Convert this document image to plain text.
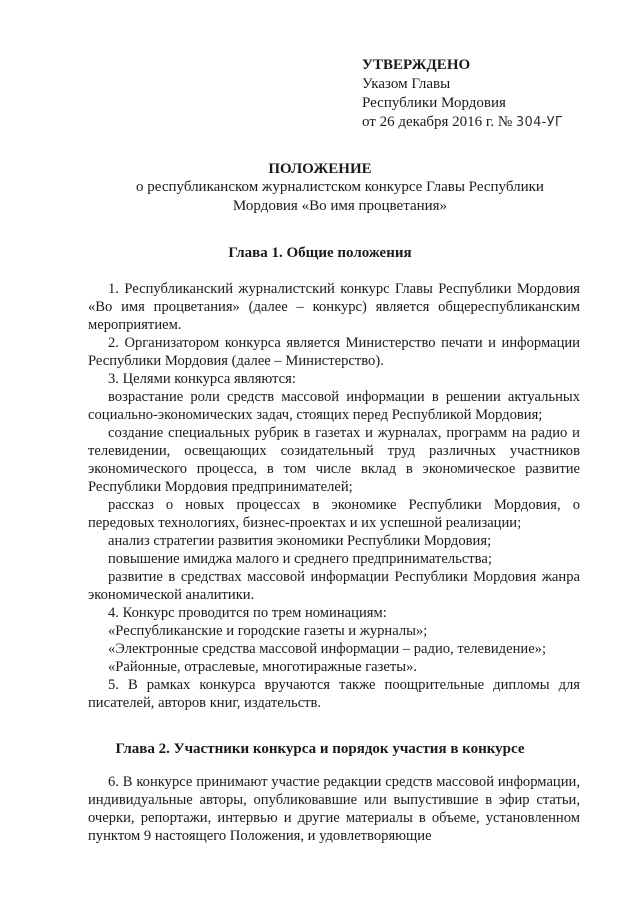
УТВЕРЖДЕНО
Указом Главы
Республики Мордовия
от 26 декабря 2016 г. № 304-УГ
ПОЛОЖЕНИЕ
о республиканском журналистском конкурсе Главы Республики Мордовия «Во имя процветания»
Глава 1. Общие положения

1. Республиканский журналистский конкурс Главы Республики Мордовия «Во имя процветания» (далее – конкурс) является общереспубликанским мероприятием.

2. Организатором конкурса является Министерство печати и информации Республики Мордовия (далее – Министерство).

3. Целями конкурса являются:

возрастание роли средств массовой информации в решении актуальных социально-экономических задач, стоящих перед Республикой Мордовия;

создание специальных рубрик в газетах и журналах, программ на радио и телевидении, освещающих созидательный труд различных участников экономического процесса, в том числе вклад в экономическое развитие Республики Мордовия предпринимателей;

рассказ о новых процессах в экономике Республики Мордовия, о передовых технологиях, бизнес-проектах и их успешной реализации;

анализ стратегии развития экономики Республики Мордовия;

повышение имиджа малого и среднего предпринимательства;

развитие в средствах массовой информации Республики Мордовия жанра экономической аналитики.

4. Конкурс проводится по трем номинациям:

«Республиканские и городские газеты и журналы»;

«Электронные средства массовой информации – радио, телевидение»;

«Районные, отраслевые, многотиражные газеты».

5. В рамках конкурса вручаются также поощрительные дипломы для писателей, авторов книг, издательств.

Глава 2. Участники конкурса и порядок участия в конкурсе

6. В конкурсе принимают участие редакции средств массовой информации, индивидуальные авторы, опубликовавшие или выпустившие в эфир статьи, очерки, репортажи, интервью и другие материалы в объеме, установленном пунктом 9 настоящего Положения, и удовлетворяющие
